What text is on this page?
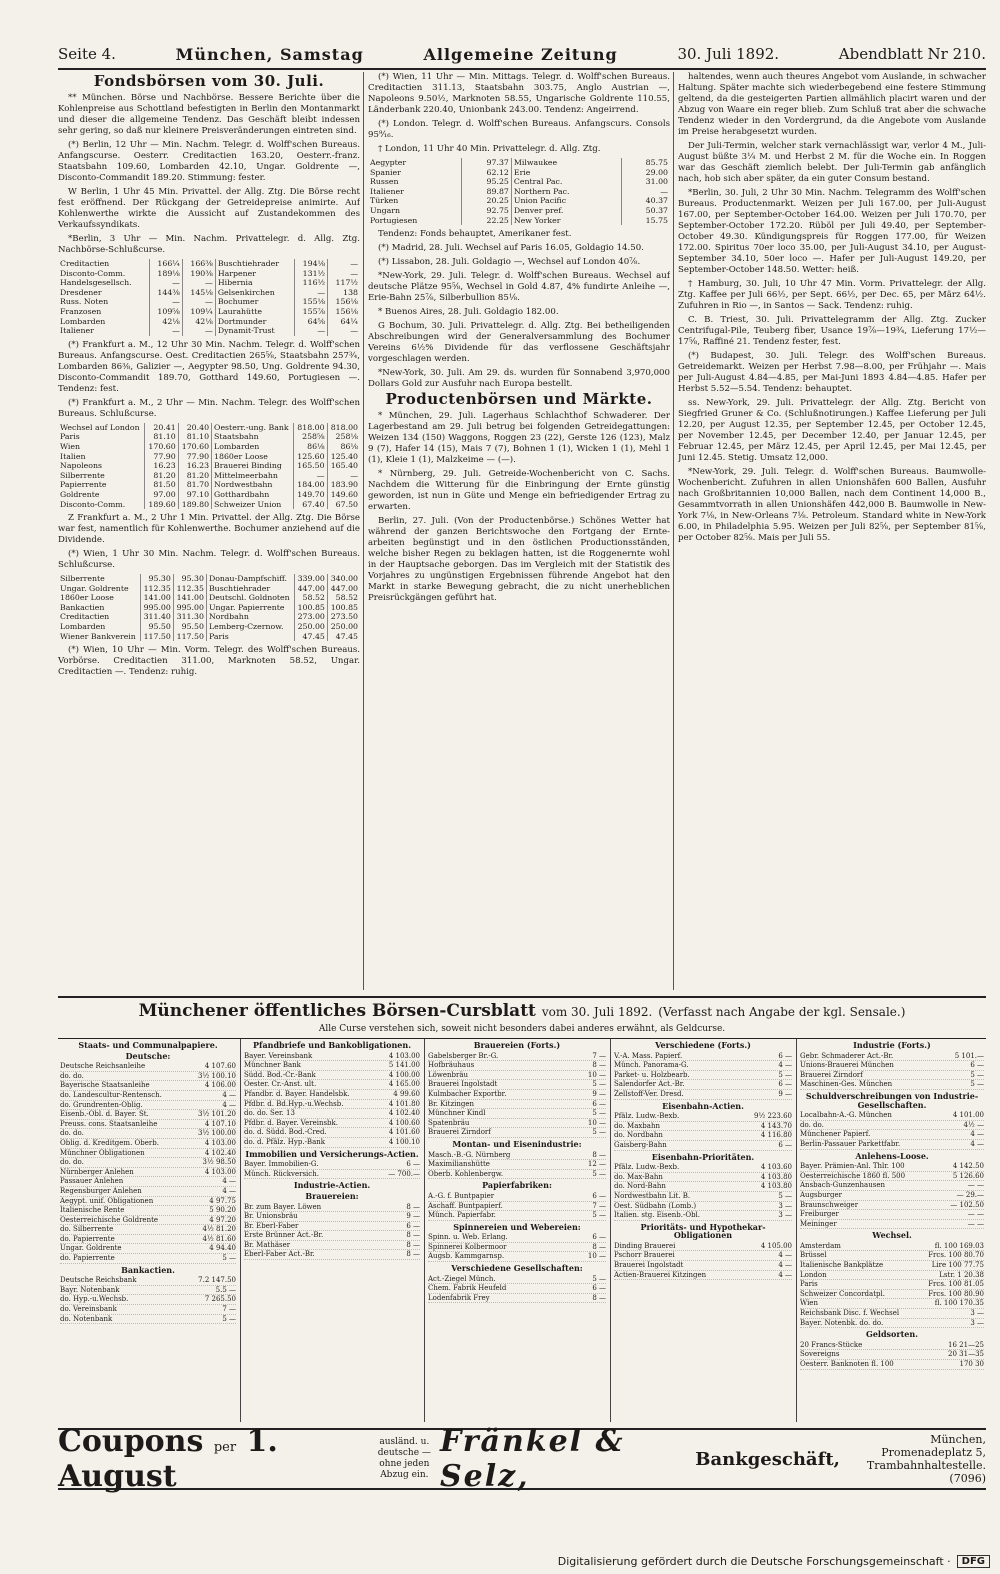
Seite 4.	München, Samstag	Allgemeine Zeitung	30. Juli 1892.	Abendblatt Nr 210.
Fondsbörsen vom 30. Juli.

** München. Börse und Nachbörse. Bessere Berichte über die Kohlenpreise aus Schottland befestigten in Berlin den Montanmarkt und dieser die allgemeine Tendenz. Das Geschäft bleibt indessen sehr gering, so daß nur kleinere Preisveränderungen eintreten sind.

(*) Berlin, 12 Uhr — Min. Nachm. Telegr. d. Wolff'schen Bureaus. Anfangscurse. Oesterr. Creditactien 163.20, Oesterr.-franz. Staatsbahn 109.60, Lombarden 42.10, Ungar. Goldrente —, Disconto-Commandit 189.20. Stimmung: fester.

W Berlin, 1 Uhr 45 Min. Privattel. der Allg. Ztg. Die Börse recht fest eröffnend. Der Rückgang der Getreidepreise animirte. Auf Kohlenwerthe wirkte die Aussicht auf Zustandekommen des Verkaufssyndikats.

*Berlin, 3 Uhr — Min. Nachm. Privattelegr. d. Allg. Ztg. Nachbörse-Schlußcurse.

Creditactien	166¼	166⅜	Buschtiehrader	194⅛	—
Disconto-Comm.	189⅛	190⅜	Harpener	131½	—
Handelsgesellsch.	—	—	Hibernia	116½	117½
Dresdener	144⅜	145⅛	Gelsenkirchen	—	138
Russ. Noten	—	—	Bochumer	155⅛	156⅛
Franzosen	109⅝	109¼	Laurahütte	155⅞	156⅛
Lombarden	42⅛	42⅛	Dortmunder	64⅝	64¼
Italiener	—	—	Dynamit-Trust	—	—

(*) Frankfurt a. M., 12 Uhr 30 Min. Nachm. Telegr. d. Wolff'schen Bureaus. Anfangscurse. Oest. Creditactien 265⅝, Staatsbahn 257¾, Lombarden 86⅜, Galizier —, Aegypter 98.50, Ung. Goldrente 94.30, Disconto-Commandit 189.70, Gotthard 149.60, Portugiesen —. Tendenz: fest.

(*) Frankfurt a. M., 2 Uhr — Min. Nachm. Telegr. des Wolff'schen Bureaus. Schlußcurse.

Wechsel auf London	20.41	20.40	Oesterr.-ung. Bank	818.00	818.00
Paris	81.10	81.10	Staatsbahn	258⅝	258⅛
Wien	170.60	170.60	Lombarden	86⅛	86⅛
Italien	77.90	77.90	1860er Loose	125.60	125.40
Napoleons	16.23	16.23	Brauerei Binding	165.50	165.40
Silberrente	81.20	81.20	Mittelmeerbahn	—	—
Papierrente	81.50	81.70	Nordwestbahn	184.00	183.90
Goldrente	97.00	97.10	Gotthardbahn	149.70	149.60
Disconto-Comm.	189.60	189.80	Schweizer Union	67.40	67.50

Z Frankfurt a. M., 2 Uhr 1 Min. Privattel. der Allg. Ztg. Die Börse war fest, namentlich für Kohlenwerthe. Bochumer anziehend auf die Dividende.

(*) Wien, 1 Uhr 30 Min. Nachm. Telegr. d. Wolff'schen Bureaus. Schlußcurse.

Silberrente	95.30	95.30	Donau-Dampfschiff.	339.00	340.00
Ungar. Goldrente	112.35	112.35	Buschtiehrader	447.00	447.00
1860er Loose	141.00	141.00	Deutschl. Goldnoten	58.52	58.52
Bankactien	995.00	995.00	Ungar. Papierrente	100.85	100.85
Creditactien	311.40	311.30	Nordbahn	273.00	273.50
Lombarden	95.50	95.50	Lemberg-Czernow.	250.00	250.00
Wiener Bankverein	117.50	117.50	Paris	47.45	47.45

(*) Wien, 10 Uhr — Min. Vorm. Telegr. des Wolff'schen Bureaus. Vorbörse. Creditactien 311.00, Marknoten 58.52, Ungar. Creditactien —. Tendenz: ruhig.

(*) Wien, 11 Uhr — Min. Mittags. Telegr. d. Wolff'schen Bureaus. Creditactien 311.13, Staatsbahn 303.75, Anglo Austrian —, Napoleons 9.50½, Marknoten 58.55, Ungarische Goldrente 110.55, Länderbank 220.40, Unionbank 243.00. Tendenz: Angeirrend.

(*) London. Telegr. d. Wolff'schen Bureaus. Anfangscurs. Consols 95⁹⁄₁₆.

† London, 11 Uhr 40 Min. Privattelegr. d. Allg. Ztg.

Aegypter	97.37	Milwaukee	85.75
Spanier	62.12	Erie	29.00
Russen	95.25	Central Pac.	31.00
Italiener	89.87	Northern Pac.	—
Türken	20.25	Union Pacific	40.37
Ungarn	92.75	Denver pref.	50.37
Portugiesen	22.25	New Yorker	15.75

Tendenz: Fonds behauptet, Amerikaner fest.

(*) Madrid, 28. Juli. Wechsel auf Paris 16.05, Goldagio 14.50.

(*) Lissabon, 28. Juli. Goldagio —, Wechsel auf London 40⅞.

*New-York, 29. Juli. Telegr. d. Wolff'schen Bureaus. Wechsel auf deutsche Plätze 95⅝, Wechsel in Gold 4.87, 4% fundirte Anleihe —, Erie-Bahn 25⅞, Silberbullion 85⅛.

* Buenos Aires, 28. Juli. Goldagio 182.00.

G Bochum, 30. Juli. Privattelegr. d. Allg. Ztg. Bei betheiligenden Abschreibungen wird der Generalversammlung des Bochumer Vereins 6½% Dividende für das verflossene Geschäftsjahr vorgeschlagen werden.

*New-York, 30. Juli. Am 29. ds. wurden für Sonnabend 3,970,000 Dollars Gold zur Ausfuhr nach Europa bestellt.

Productenbörsen und Märkte.

* München, 29. Juli. Lagerhaus Schlachthof Schwaderer. Der Lagerbestand am 29. Juli betrug bei folgenden Getreidegattungen: Weizen 134 (150) Waggons, Roggen 23 (22), Gerste 126 (123), Malz 9 (7), Hafer 14 (15), Mais 7 (7), Bohnen 1 (1), Wicken 1 (1), Mehl 1 (1), Kleie 1 (1), Malzkeime — (—).

* Nürnberg, 29. Juli. Getreide-Wochenbericht von C. Sachs. Nachdem die Witterung für die Einbringung der Ernte günstig geworden, ist nun in Güte und Menge ein befriedigender Ertrag zu erwarten.

Berlin, 27. Juli. (Von der Productenbörse.) Schönes Wetter hat während der ganzen Berichtswoche den Fortgang der Ernte-arbeiten begünstigt und in den östlichen Productionsständen, welche bisher Regen zu beklagen hatten, ist die Roggenernte wohl in der Hauptsache geborgen. Das im Vergleich mit der Statistik des Vorjahres zu ungünstigen Ergebnissen führende Angebot hat den Markt in starke Bewegung gebracht, die zu nicht unerheblichen Preisrückgängen geführt hat.

haltendes, wenn auch theures Angebot vom Auslande, in schwacher Haltung. Später machte sich wiederbegebend eine festere Stimmung geltend, da die gesteigerten Partien allmählich placirt waren und der Abzug von Waare ein reger blieb. Zum Schluß trat aber die schwache Tendenz wieder in den Vordergrund, da die Angebote vom Auslande im Preise herabgesetzt wurden.

Der Juli-Termin, welcher stark vernachlässigt war, verlor 4 M., Juli-August büßte 3¼ M. und Herbst 2 M. für die Woche ein. In Roggen war das Geschäft ziemlich belebt. Der Juli-Termin gab anfänglich nach, hob sich aber später, da ein guter Consum bestand.

*Berlin, 30. Juli, 2 Uhr 30 Min. Nachm. Telegramm des Wolff'schen Bureaus. Productenmarkt. Weizen per Juli 167.00, per Juli-August 167.00, per September-October 164.00. Weizen per Juli 170.70, per September-October 172.20. Rüböl per Juli 49.40, per September-October 49.30. Kündigungspreis für Roggen 177.00, für Weizen 172.00. Spiritus 70er loco 35.00, per Juli-August 34.10, per August-September 34.10, 50er loco —. Hafer per Juli-August 149.20, per September-October 148.50. Wetter: heiß.

† Hamburg, 30. Juli, 10 Uhr 47 Min. Vorm. Privattelegr. der Allg. Ztg. Kaffee per Juli 66½, per Sept. 66½, per Dec. 65, per März 64½. Zufuhren in Rio —, in Santos — Sack. Tendenz: ruhig.

C. B. Triest, 30. Juli. Privattelegramm der Allg. Ztg. Zucker Centrifugal-Pile, Teuberg fiber, Usance 19⅞—19¾, Lieferung 17½—17⅝, Raffiné 21. Tendenz fester, fest.

(*) Budapest, 30. Juli. Telegr. des Wolff'schen Bureaus. Getreidemarkt. Weizen per Herbst 7.98—8.00, per Frühjahr —. Mais per Juli-August 4.84—4.85, per Mai-Juni 1893 4.84—4.85. Hafer per Herbst 5.52—5.54. Tendenz: behauptet.

ss. New-York, 29. Juli. Privattelegr. der Allg. Ztg. Bericht von Siegfried Gruner & Co. (Schlußnotirungen.) Kaffee Lieferung per Juli 12.20, per August 12.35, per September 12.45, per October 12.45, per November 12.45, per December 12.40, per Januar 12.45, per Februar 12.45, per März 12.45, per April 12.45, per Mai 12.45, per Juni 12.45. Stetig. Umsatz 12,000.

*New-York, 29. Juli. Telegr. d. Wolff'schen Bureaus. Baumwolle-Wochenbericht. Zufuhren in allen Unionshäfen 600 Ballen, Ausfuhr nach Großbritannien 10,000 Ballen, nach dem Continent 14,000 B., Gesammtvorrath in allen Unionshäfen 442,000 B. Baumwolle in New-York 7⅛, in New-Orleans 7⅛. Petroleum. Standard white in New-York 6.00, in Philadelphia 5.95. Weizen per Juli 82⅝, per September 81⅝, per October 82⅝. Mais per Juli 55.

Münchener öffentliches Börsen-Cursblatt vom 30. Juli 1892. (Verfasst nach Angabe der kgl. Sensale.)
Alle Curse verstehen sich, soweit nicht besonders dabei anderes erwähnt, als Geldcurse.
Staats- und Communalpapiere.
Deutsche:
Deutsche Reichsanleihe	4 107.60
do. do.	3½ 100.10
Bayerische Staatsanleihe	4 106.00
do. Landescultur-Rentensch.	4 —
do. Grundrenten-Oblig.	4 —
Eisenb.-Obl. d. Bayer. St.	3½ 101.20
Preuss. cons. Staatsanleihe	4 107.10
do. do.	3½ 100.00
Oblig. d. Kreditgem. Oberb.	4 103.00
Münchner Obligationen	4 102.40
do. do.	3½ 98.50
Nürnberger Anlehen	4 103.00
Passauer Anlehen	4 —
Regensburger Anlehen	4 —
Aegypt. unif. Obligationen	4 97.75
Italienische Rente	5 90.20
Oesterreichische Goldrente	4 97.20
do. Silberrente	4½ 81.20
do. Papierrente	4½ 81.60
Ungar. Goldrente	4 94.40
do. Papierrente	5 —
Bankactien.
Deutsche Reichsbank	7.2 147.50
Bayr. Notenbank	5.5 —
do. Hyp.-u.Wechsb.	7 265.50
do. Vereinsbank	7 —
do. Notenbank	5 —
Pfandbriefe und Bankobligationen.
Bayer. Vereinsbank	4 103.00
Münchner Bank	5 141.00
Südd. Bod.-Cr.-Bank	4 100.00
Oester. Cr.-Anst. ult.	4 165.00
Pfandbr. d. Bayer. Handelsbk.	4 99.60
Pfdbr. d. Bd.Hyp.-u.Wechsb.	4 101.80
do. do. Ser. 13	4 102.40
Pfdbr. d. Bayer. Vereinsbk.	4 100.60
do. d. Südd. Bod.-Cred.	4 101.60
do. d. Pfälz. Hyp.-Bank	4 100.10
Immobilien und Versicherungs-Actien.
Bayer. Immobilien-G.	6 —
Münch. Rückversich.	— 700.—
Industrie-Actien.
Brauereien:
Br. zum Bayer. Löwen	8 —
Br. Unionsbräu	9 —
Br. Eberl-Faber	6 —
Erste Brünner Act.-Br.	8 —
Br. Mathäser	8 —
Eberl-Faber Act.-Br.	8 —
Brauereien (Forts.)
Gabelsberger Br.-G.	7 —
Hofbräuhaus	8 —
Löwenbräu	10 —
Brauerei Ingolstadt	5 —
Kulmbacher Exportbr.	9 —
Br. Kitzingen	6 —
Münchner Kindl	5 —
Spatenbräu	10 —
Brauerei Zirndorf	5 —
Montan- und Eisenindustrie:
Masch.-B.-G. Nürnberg	8 —
Maximilianshütte	12 —
Oberb. Kohlenbergw.	5 —
Papierfabriken:
A.-G. f. Buntpapier	6 —
Aschaff. Buntpapierf.	7 —
Münch. Papierfabr.	5 —
Spinnereien und Webereien:
Spinn. u. Web. Erlang.	6 —
Spinnerei Kolbermoor	8 —
Augsb. Kammgarnsp.	10 —
Verschiedene Gesellschaften:
Act.-Ziegel Münch.	5 —
Chem. Fabrik Heufeld	6 —
Lodenfabrik Frey	8 —
Verschiedene (Forts.)
V.-A. Mass. Papierf.	6 —
Münch. Panorama-G.	4 —
Parket- u. Holzbearb.	5 —
Salendorfer Act.-Br.	6 —
Zellstoff-Ver. Dresd.	9 —
Eisenbahn-Actien.
Pfälz. Ludw.-Bexb.	9½ 223.60
do. Maxbahn	4 143.70
do. Nordbahn	4 116.80
Gaisberg-Bahn	6 —
Eisenbahn-Prioritäten.
Pfälz. Ludw.-Bexb.	4 103.60
do. Max-Bahn	4 103.80
do. Nord-Bahn	4 103.80
Nordwestbahn Lit. B.	5 —
Oest. Südbahn (Lomb.)	3 —
Italien. stg. Eisenb.-Obl.	3 —
Prioritäts- und Hypothekar-Obligationen
Dinding Brauerei	4 105.00
Pschorr Brauerei	4 —
Brauerei Ingolstadt	4 —
Actien-Brauerei Kitzingen	4 —
Industrie (Forts.)
Gebr. Schmaderer Act.-Br.	5 101.—
Unions-Brauerei München	6 —
Brauerei Zirndorf	5 —
Maschinen-Ges. München	5 —
Schuldverschreibungen von Industrie-Gesellschaften.
Localbahn-A.-G. München	4 101.00
do. do.	4½ —
Münchener Papierf.	4 —
Berlin-Passauer Parkettfabr.	4 —
Anlehens-Loose.
Bayer. Prämien-Anl. Thlr. 100	4 142.50
Oesterreichische 1860 fl. 500	5 126.60
Ansbach-Gunzenhausen	— —
Augsburger	— 29.—
Braunschweiger	— 102.50
Freiburger	— —
Meininger	— —
Wechsel.
Amsterdam	fl. 100 169.03
Brüssel	Frcs. 100 80.70
Italienische Bankplätze	Lire 100 77.75
London	Lstr. 1 20.38
Paris	Frcs. 100 81.05
Schweizer Concordatpl.	Frcs. 100 80.90
Wien	fl. 100 170.35
Reichsbank Disc. f. Wechsel	3 —
Bayer. Notenbk. do. do.	3 —
Geldsorten.
20 Francs-Stücke	16 21—25
Sovereigns	20 31—35
Oesterr. Banknoten fl. 100	170 30
Coupons per 1. August
ausländ. u. deutsche — ohne jeden Abzug ein.
Fränkel & Selz,	Bankgeschäft,
München, Promenadeplatz 5,
Trambahnhaltestelle.
(7096)
Digitalisierung gefördert durch die Deutsche Forschungsgemeinschaft ·	DFG
